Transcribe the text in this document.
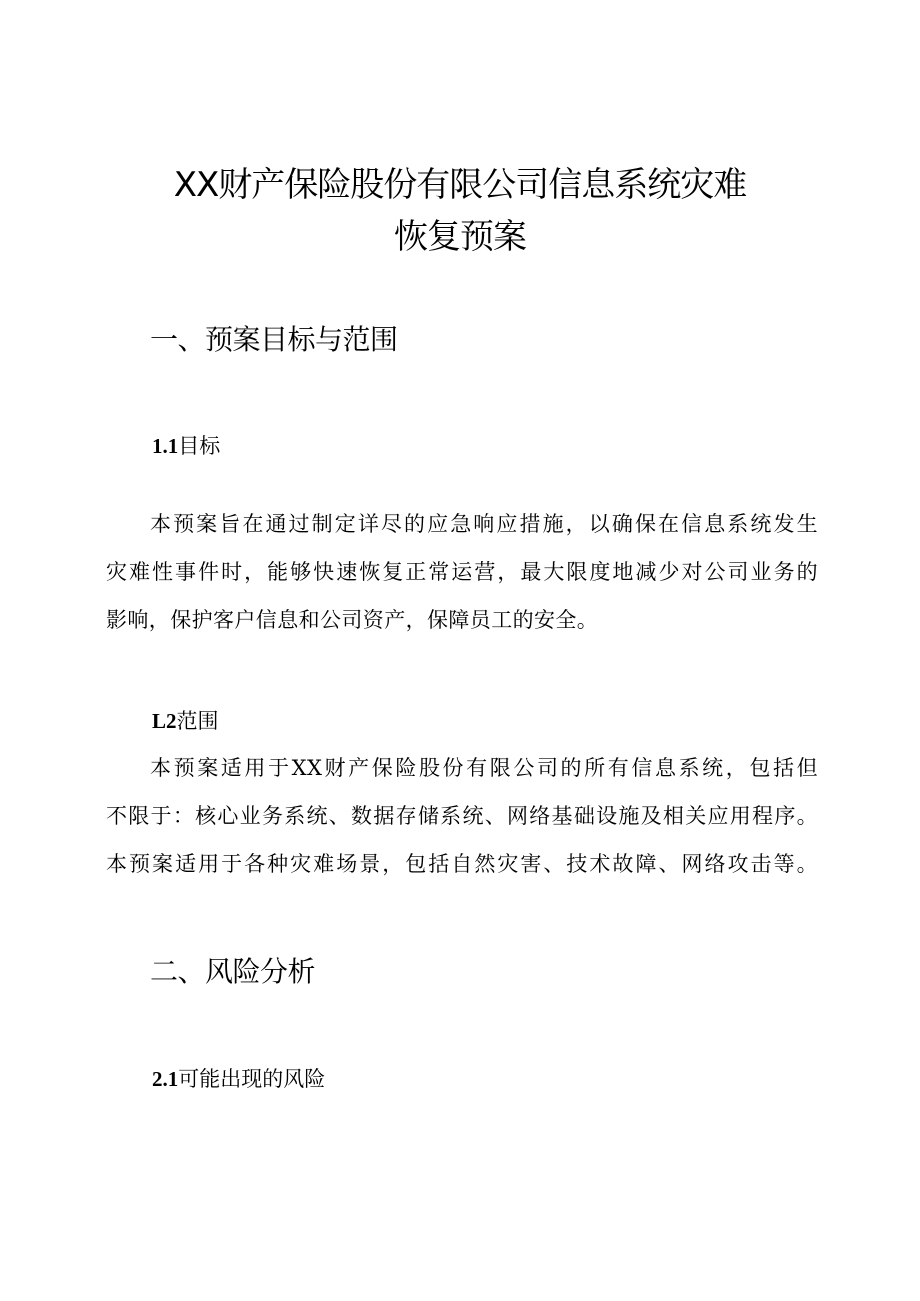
XX财产保险股份有限公司信息系统灾难
恢复预案
一、预案目标与范围
1.1目标
本预案旨在通过制定详尽的应急响应措施，以确保在信息系统发生
灾难性事件时，能够快速恢复正常运营，最大限度地减少对公司业务的
影响，保护客户信息和公司资产，保障员工的安全。
L2范围
本预案适用于XX财产保险股份有限公司的所有信息系统，包括但
不限于：核心业务系统、数据存储系统、网络基础设施及相关应用程序。
本预案适用于各种灾难场景，包括自然灾害、技术故障、网络攻击等。
二、风险分析
2.1可能出现的风险
